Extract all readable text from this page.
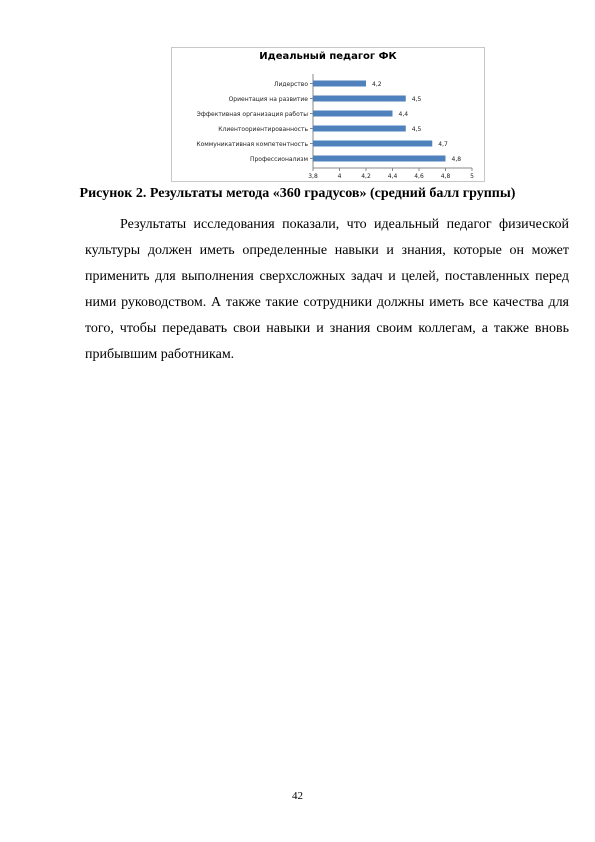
Идеальный педагог ФК
Лидерство	4,2
Ориентация на развитие	4,5
Эффективная организация работы	4,4
Клиентоориентированность	4,5
Коммуникативная компетентность	4,7
Профессионализм	4,8
3,8	4	4,2	4,4	4,6	4,8	5
Рисунок 2. Результаты метода «360 градусов» (средний балл группы)

Результаты исследования показали, что идеальный педагог физической культуры должен иметь определенные навыки и знания, которые он может применить для выполнения сверхсложных задач и целей, поставленных перед ними руководством. А также такие сотрудники должны иметь все качества для того, чтобы передавать свои навыки и знания своим коллегам, а также вновь прибывшим работникам.

42
